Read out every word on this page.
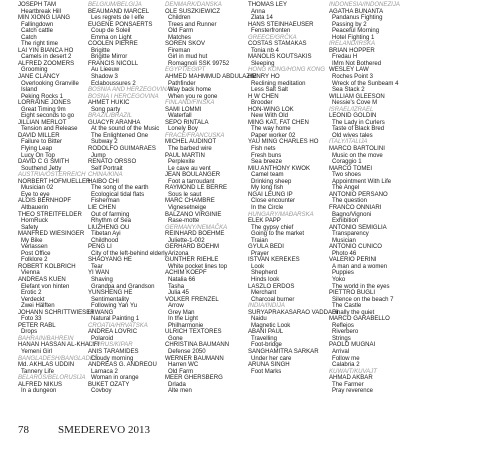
JOSEPH TAM
Heartbreak Hill
MIN XIONG LIANG
Fallingdown
Catch cattle
Catch
The right time
LAI YIN BIANCA HO
Camels in desert 2
ALFRED ZOOMERS
Grooming
JANE CLANCY
Overlooking Granville
Island
Peking Rocks 1
LORRAINE JONES
Great Timing 9m
Eight seconds to go
JILLIAN MERLOT
Tension and Release
DAVID MILLER
Failure to Bitter
Flying Leap
Lucy On Top
DAVID C G SMITH
Southend Jetty
AUSTRIA/ÖSTERREICH
NORBERT HOFMUELLER
Musician 02
Eye to eye
ALOIS BERNHOPF
Altbauerin
THEO STREITFELDER
HornRuck
Safety
MANFRED WIESINGER
My Bike
Verlassen
Post Office
Folklore 2
ROBERT KOLBRICH
Vienna
ANDREAS KUEN
Elefant von hinten
Erotic 2
Verdeckt
Zwei Hälften
JOHANN SCHRITTWIESER
Foto 33
PETER RABL
Drops
BAHRAIN/BAHREIN
HANAN HASSAN AL-KHALIFI
Yemeni Girl
BANGLADESH/BANGLADEŠ
Md. AKHLAS UDDIN
Tannery Life
BELARUS/BELORUSIJA
ALFRED NIKUS
In a dungeon
BELGIUM/BELGIJA
BEAUMAND MARCEL
Les regrets de l elfe
EUGENE PONSAERTS
Coup de Soleil
Emma on Light
COOLEN PIERRE
Brigitte
Brigitte Mirror
FRANCIS NICOLL
Au Lieeuw
Shadow 3
Eclaboussures 2
BOSNIA AND HERZEGOVINA/
BOSNA I HERCEGOVINA
AHMET HUKIC
Song party
BRAZIL/BRAZIL
GUACYR ARANHA
At the sound of the Music
The Enlightened One
Subway 2
RODOLFO GUIMARAES
Jump
RENATO ORSSO
Self Portrait
CHINA/KINA
HAIBO CHI
The song of the earth
Ecological tidal flats
Fisherman
LIE CHEN
Out of farming
Rhythm of Sea
LIUZHENG OU
Tibetan Ayi
Childhood
PENG LI
City of the left-behind elderly
SHAOYANG HE
Tear
YI WAN
Shaving
Grandpa and Grandson
YUNSHENG HE
Sentimentality
Following Yan Yu
LI WANG
Natural Painting 1
CROATIA/HRVATSKA
ANDREA LOVRIC
Polaroid
CYPRUS/KIPAR
ANIS TARAMIDES
Cloudy morning
ANDREAS G. ANDREOU
Larnaca 2
Woman in orange
BUKET OZATY
Covboy
DENMARK/DANSKA
OLE SUSZKIEWICZ
Children
Trees and Runner
Old Farm
Matches
SOREN SKOV
Fireman
Girl in mud hut
Romagnoli SSK 99752
EGYPT/EGIPT
AHMED MAHMMUD ABDULAZIM
Pathfinder
Way back home
When you re gone
FINLAND/FINSKA
SAMI LOMMI
Waterfall
SEPO RINTALA
Lonely Boy
FRACE/FRANCUSKA
MICHEL AUDINOT
The barbed wire
PAUL MARTIN
Perplexite
Le cave au vent
JEAN BOULANGER
Foot a tarroudant
RAYMOND LE BERRE
Sous le saut
MARC CHAMBRE
Vignesetneige
BALZANO VIRGINIE
Rase-motte
GERMANY/NEMAČKA
REINHARD BOEHME
Juliette-1-002
GERHARD BOEHM
Arizona
GUNTHER RIEHLE
White pocket lines top
ACHIM KOEPF
Natalia 66
Tasha
Julia 45
VOLKER FRENZEL
Arrow
Grey Man
In the Light
Philharmonie
ULRICH TEXTORES
Gone
CHRISTINA BAUMANN
Defense 2050
WERNER BAUMANN
Harren WC
Old Farm
MEER GHERSBERG
Drlada
Alte men
THOMAS LEY
Anna
Zlata 14
HANS STEINHAEUSER
Fensterfronten
GREECE/GRČKA
COSTAS STAMAKAS
Tonia nb 4
MANOLIS KOUTSAKIS
Sleeping
HONG KONG/HONG KONG
HENRY HO
Reclining meditation
Less Salt Salt
H W CHEN
Brooder
HON-WING LOK
New With Old
MING KAT, FAT CHEN
The way home
Paper worker 02
YAU MING CHARLES HO
Fish nets
Fresh buns
Sea breeze
MIU ANTHONY KWOK
Camel team
Drinking sheep
My long fish
NGAI LEUNG IP
Close encounter
In the Circle
HUNGARY/MAĐARSKA
ELEK PAPP
The gypsy chief
Going to the market
Traian
GYULA BEDI
Prayer
ISTVAN KEREKES
Look
Shepherd
Hinds look
LASZLO ERDOS
Merchant
Charcoal burner
INDIA/INDIJA
SURYAPRAKASARAO VADDADI
Naidu
Magnetic Look
ABANI PAUL
Travelling
Foot-bridge
SANGHAMITRA SARKAR
Under her care
ARUNA SINGH
Foot Marks
INDONESIA/INDONEZIJA
AGATHA BUNANTA
Pandanus Fighting
Passing by 2
Peaceful Morning
Hotel Fighting 1
IRELAND/IRSKA
BRIAN HOPPER
Fredau H
IMm Not Bothered
WESLEY LAW
Roches Point 3
Wreck of the Sunbeam 4
Sea Stack 2
WILLIAM GLEESON
Nessie's Cove M
ISRAEL/IZRAEL
LEONID GOLDIN
The Lady in Curlers
Taste of Black Bred
Old wives tales
ITALY/ITALIJA
MARCO BARTOLINI
Music on the move
Coraggio 1
MARCO TOMEI
Two shoes
Appointment With Life
The Angel
ANTONIO PERSANO
The question
FRANCO ONNIARI
Bagno/Vignoni
Exhibition
ANTONIO SEMIGLIA
Transparency
Musician
ANTONIO CUNICO
Photo 46
VALERIO PERINI
A man and a women
Puppies
Yoko
The world in the eyes
PIETTRO BUGLI
Silence on the beach 7
The Castle
Finally the quiet
MARCO GARABELLO
Reflejos
Riverbero
Strings
PAOLO MUGNAI
Arrival
Follow me
Calabria 2
KUWAIT/KUVAJT
AHMAD AKBAR
The Farmer
Pray reverence
78	SMEDEREVO 2013
